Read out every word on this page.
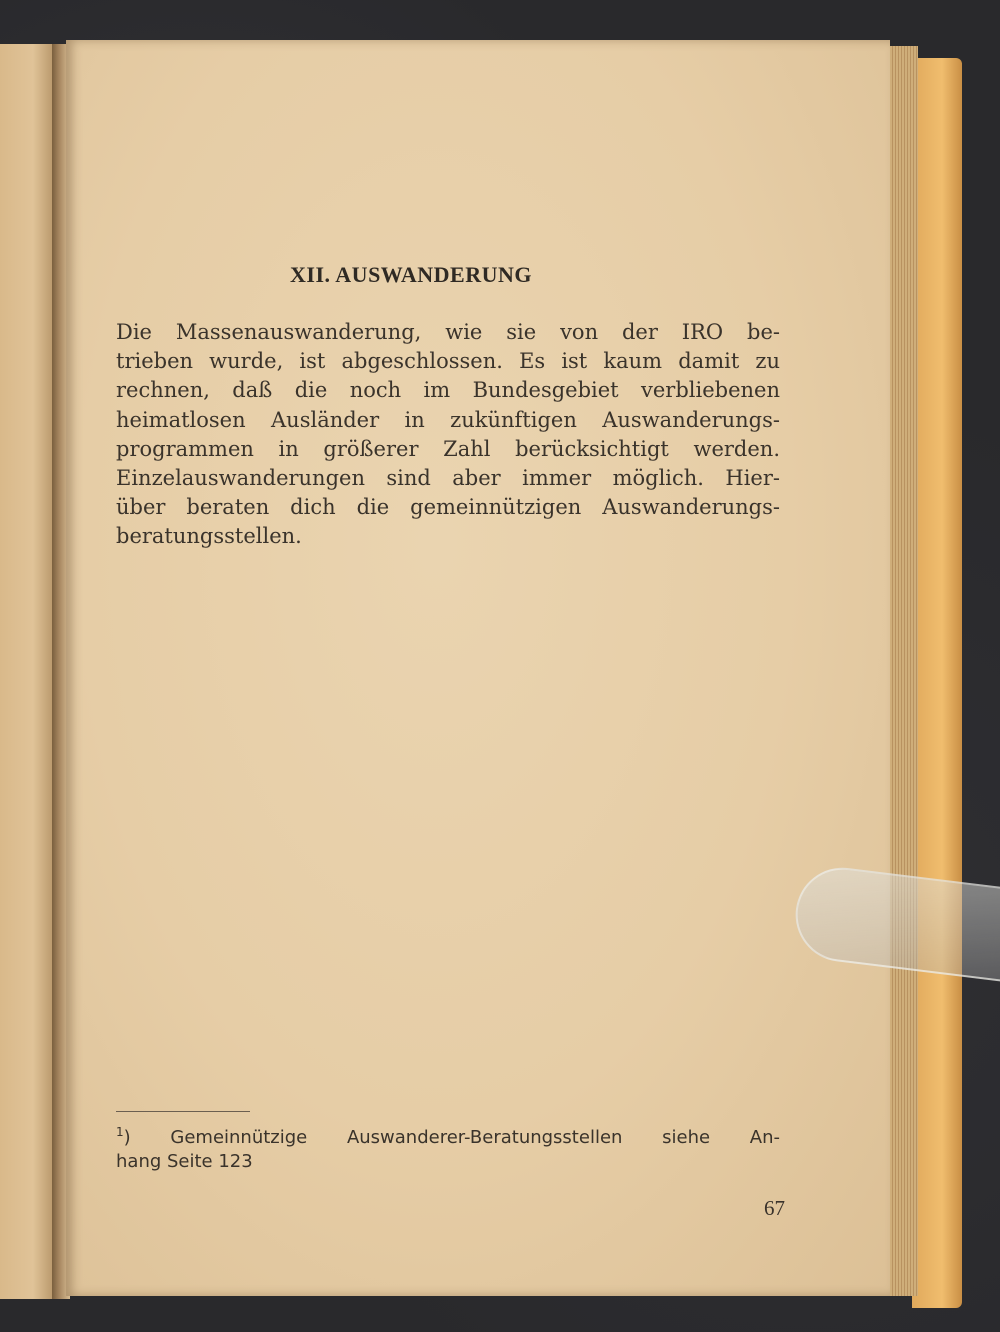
XII. AUSWANDERUNG

Die Massenauswanderung, wie sie von der IRO be-
trieben wurde, ist abgeschlossen. Es ist kaum damit zu
rechnen, daß die noch im Bundesgebiet verbliebenen
heimatlosen Ausländer in zukünftigen Auswanderungs-
programmen in größerer Zahl berücksichtigt werden.
Einzelauswanderungen sind aber immer möglich. Hier-
über beraten dich die gemeinnützigen Auswanderungs-
beratungsstellen.

$^1$) Gemeinnützige Auswanderer-Beratungsstellen siehe An-
hang Seite 123

67
